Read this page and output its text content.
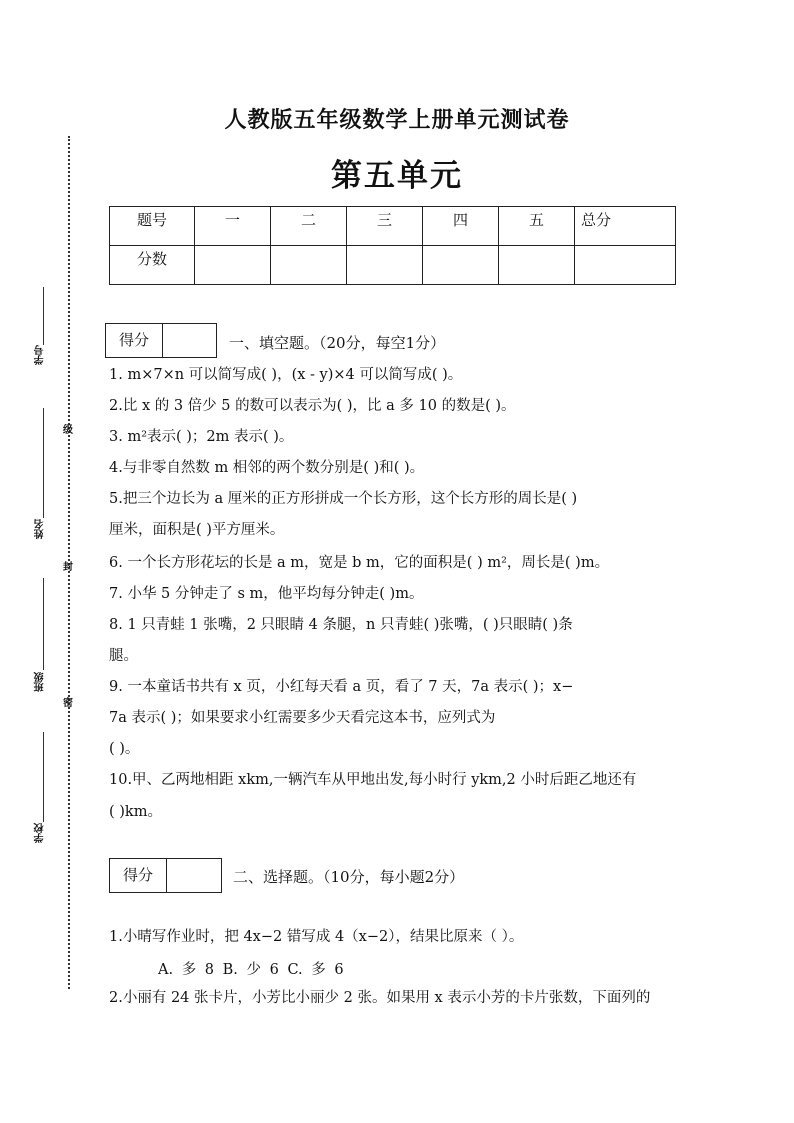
人教版五年级数学上册单元测试卷
第五单元
题号	一	二	三	四	五	总分
分数						
学号
级
姓名
封
班级
密
学校
得分	一、填空题。（20分，每空1分）
1. m×7×n 可以简写成( )，(x - y)×4 可以简写成( )。
2.比 x 的 3 倍少 5 的数可以表示为( )，比 a 多 10 的数是( )。
3. m²表示( )；2m 表示( )。
4.与非零自然数 m 相邻的两个数分别是( )和( )。
5.把三个边长为 a 厘米的正方形拼成一个长方形，这个长方形的周长是( )
厘米，面积是( )平方厘米。
6. 一个长方形花坛的长是 a m，宽是 b m，它的面积是( ) m²，周长是( )m。
7. 小华 5 分钟走了 s m，他平均每分钟走( )m。
8. 1 只青蛙 1 张嘴，2 只眼睛 4 条腿，n 只青蛙( )张嘴，( )只眼睛( )条
腿。
9. 一本童话书共有 x 页，小红每天看 a 页，看了 7 天，7a 表示( )；x−
7a 表示( )；如果要求小红需要多少天看完这本书，应列式为
( )。
10.甲、乙两地相距 xkm,一辆汽车从甲地出发,每小时行 ykm,2 小时后距乙地还有
( )km。
得分	二、选择题。（10分，每小题2分）
1.小晴写作业时，把 4x−2 错写成 4（x−2），结果比原来（ ）。
A. 多 8 B. 少 6 C. 多 6
2.小丽有 24 张卡片，小芳比小丽少 2 张。如果用 x 表示小芳的卡片张数，下面列的
